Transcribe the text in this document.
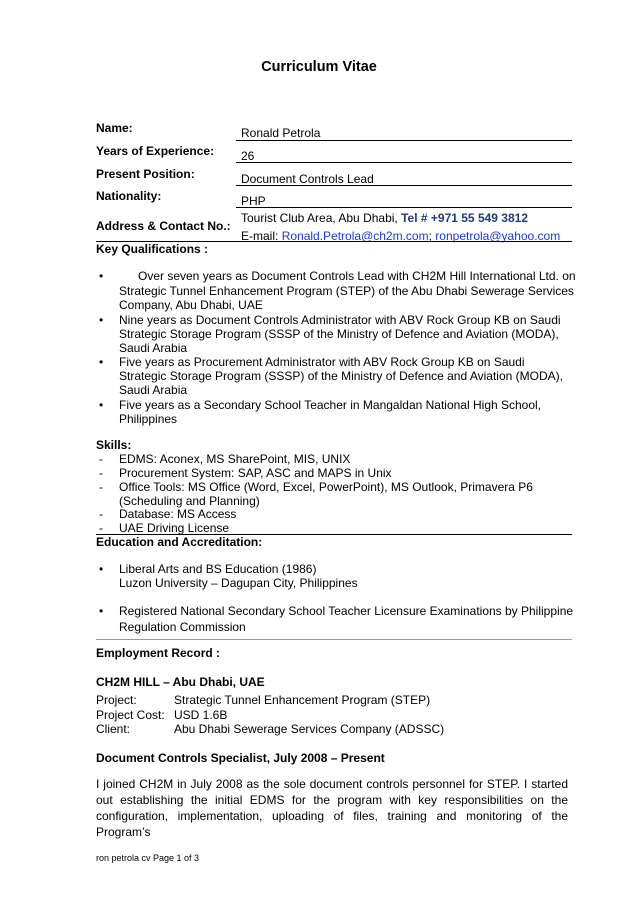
Curriculum Vitae
Name:	Ronald Petrola
Years of Experience: 26
Present Position:	Document Controls Lead
Nationality:	PHP
Address & Contact No.:
Tourist Club Area, Abu Dhabi, Tel # +971 55 549 3812
E-mail: Ronald.Petrola@ch2m.com; ronpetrola@yahoo.com
Key Qualifications :
•	Over seven years as Document Controls Lead with CH2M Hill International Ltd. on
Strategic Tunnel Enhancement Program (STEP) of the Abu Dhabi Sewerage Services
Company, Abu Dhabi, UAE
• Nine years as Document Controls Administrator with ABV Rock Group KB on Saudi
Strategic Storage Program (SSSP of the Ministry of Defence and Aviation (MODA),
Saudi Arabia
• Five years as Procurement Administrator with ABV Rock Group KB on Saudi
Strategic Storage Program (SSSP) of the Ministry of Defence and Aviation (MODA),
Saudi Arabia
• Five years as a Secondary School Teacher in Mangaldan National High School,
Philippines
Skills:
- EDMS: Aconex, MS SharePoint, MIS, UNIX
- Procurement System: SAP, ASC and MAPS in Unix
- Office Tools: MS Office (Word, Excel, PowerPoint), MS Outlook, Primavera P6
(Scheduling and Planning)
- Database: MS Access
- UAE Driving License
Education and Accreditation:
• Liberal Arts and BS Education (1986)
Luzon University – Dagupan City, Philippines
• Registered National Secondary School Teacher Licensure Examinations by Philippine
Regulation Commission
Employment Record :
CH2M HILL – Abu Dhabi, UAE
Project:	Strategic Tunnel Enhancement Program (STEP)
Project Cost: USD 1.6B
Client:	Abu Dhabi Sewerage Services Company (ADSSC)
Document Controls Specialist, July 2008 – Present
I joined CH2M in July 2008 as the sole document controls personnel for STEP. I started out establishing the initial EDMS for the program with key responsibilities on the configuration, implementation, uploading of files, training and monitoring of the Program’s
ron petrola cv Page 1 of 3
